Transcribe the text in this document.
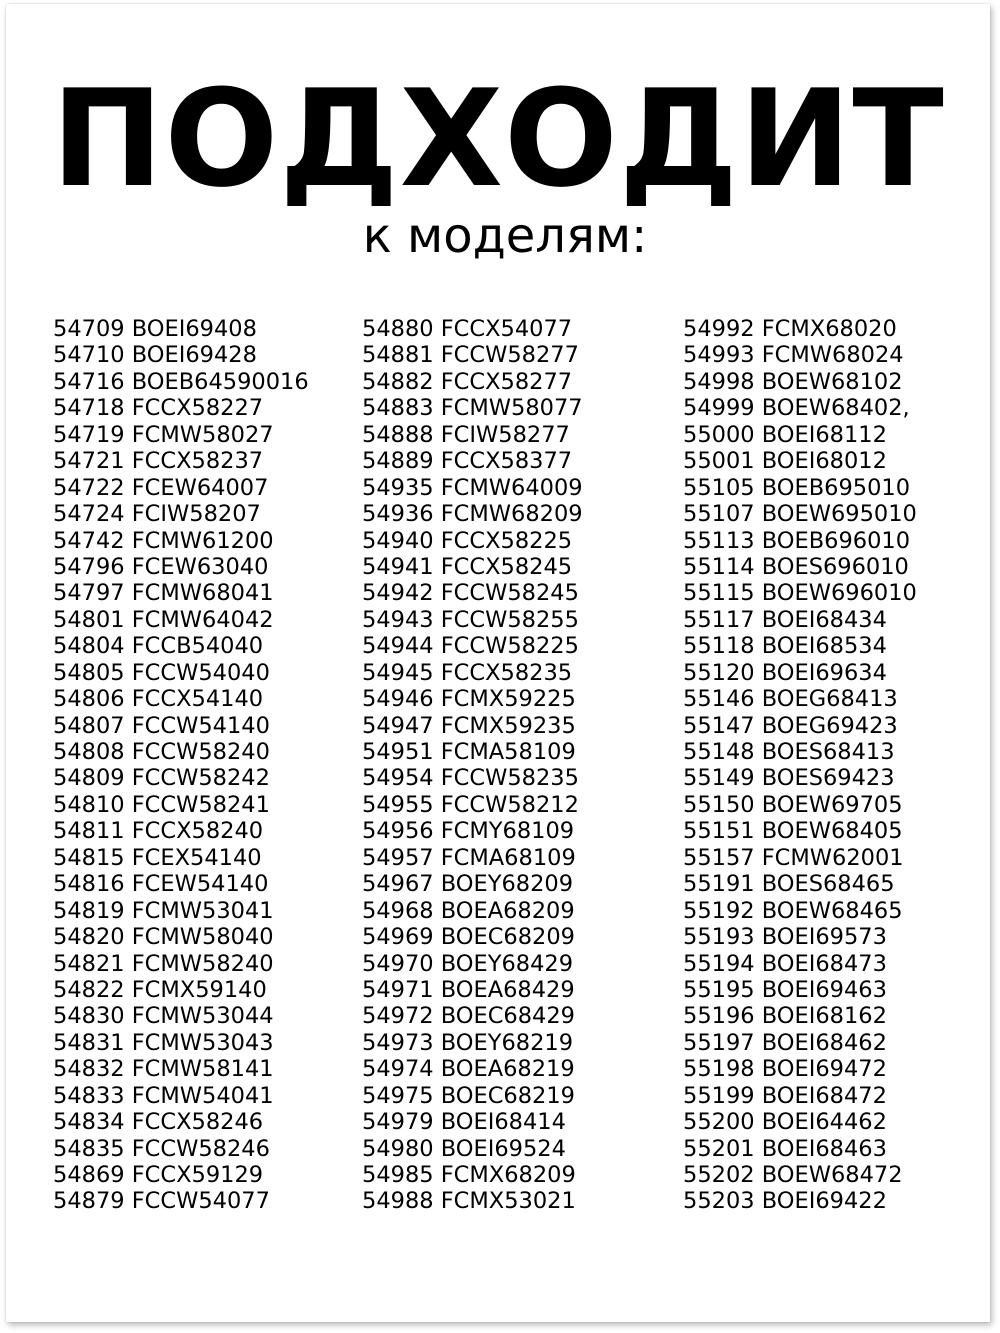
ПОДХОДИТ
к моделям:
54709 BOEI69408
54710 BOEI69428
54716 BOEB64590016
54718 FCCX58227
54719 FCMW58027
54721 FCCX58237
54722 FCEW64007
54724 FCIW58207
54742 FCMW61200
54796 FCEW63040
54797 FCMW68041
54801 FCMW64042
54804 FCCB54040
54805 FCCW54040
54806 FCCX54140
54807 FCCW54140
54808 FCCW58240
54809 FCCW58242
54810 FCCW58241
54811 FCCX58240
54815 FCEX54140
54816 FCEW54140
54819 FCMW53041
54820 FCMW58040
54821 FCMW58240
54822 FCMX59140
54830 FCMW53044
54831 FCMW53043
54832 FCMW58141
54833 FCMW54041
54834 FCCX58246
54835 FCCW58246
54869 FCCX59129
54879 FCCW54077
54880 FCCX54077
54881 FCCW58277
54882 FCCX58277
54883 FCMW58077
54888 FCIW58277
54889 FCCX58377
54935 FCMW64009
54936 FCMW68209
54940 FCCX58225
54941 FCCX58245
54942 FCCW58245
54943 FCCW58255
54944 FCCW58225
54945 FCCX58235
54946 FCMX59225
54947 FCMX59235
54951 FCMA58109
54954 FCCW58235
54955 FCCW58212
54956 FCMY68109
54957 FCMA68109
54967 BOEY68209
54968 BOEA68209
54969 BOEC68209
54970 BOEY68429
54971 BOEA68429
54972 BOEC68429
54973 BOEY68219
54974 BOEA68219
54975 BOEC68219
54979 BOEI68414
54980 BOEI69524
54985 FCMX68209
54988 FCMX53021
54992 FCMX68020
54993 FCMW68024
54998 BOEW68102
54999 BOEW68402,
55000 BOEI68112
55001 BOEI68012
55105 BOEB695010
55107 BOEW695010
55113 BOEB696010
55114 BOES696010
55115 BOEW696010
55117 BOEI68434
55118 BOEI68534
55120 BOEI69634
55146 BOEG68413
55147 BOEG69423
55148 BOES68413
55149 BOES69423
55150 BOEW69705
55151 BOEW68405
55157 FCMW62001
55191 BOES68465
55192 BOEW68465
55193 BOEI69573
55194 BOEI68473
55195 BOEI69463
55196 BOEI68162
55197 BOEI68462
55198 BOEI69472
55199 BOEI68472
55200 BOEI64462
55201 BOEI68463
55202 BOEW68472
55203 BOEI69422
